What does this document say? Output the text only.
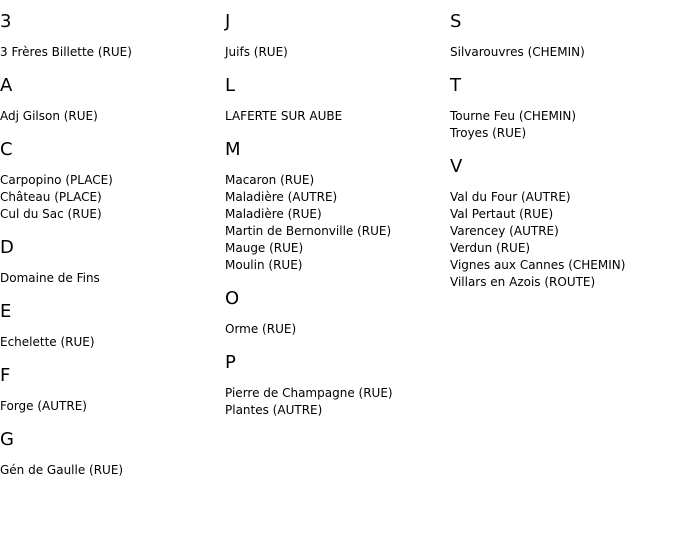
3
3 Frères Billette (RUE)
A
Adj Gilson (RUE)
C
Carpopino (PLACE)
Château (PLACE)
Cul du Sac (RUE)
D
Domaine de Fins
E
Echelette (RUE)
F
Forge (AUTRE)
G
Gén de Gaulle (RUE)
J
Juifs (RUE)
L
LAFERTE SUR AUBE
M
Macaron (RUE)
Maladière (AUTRE)
Maladière (RUE)
Martin de Bernonville (RUE)
Mauge (RUE)
Moulin (RUE)
O
Orme (RUE)
P
Pierre de Champagne (RUE)
Plantes (AUTRE)
S
Silvarouvres (CHEMIN)
T
Tourne Feu (CHEMIN)
Troyes (RUE)
V
Val du Four (AUTRE)
Val Pertaut (RUE)
Varencey (AUTRE)
Verdun (RUE)
Vignes aux Cannes (CHEMIN)
Villars en Azois (ROUTE)
